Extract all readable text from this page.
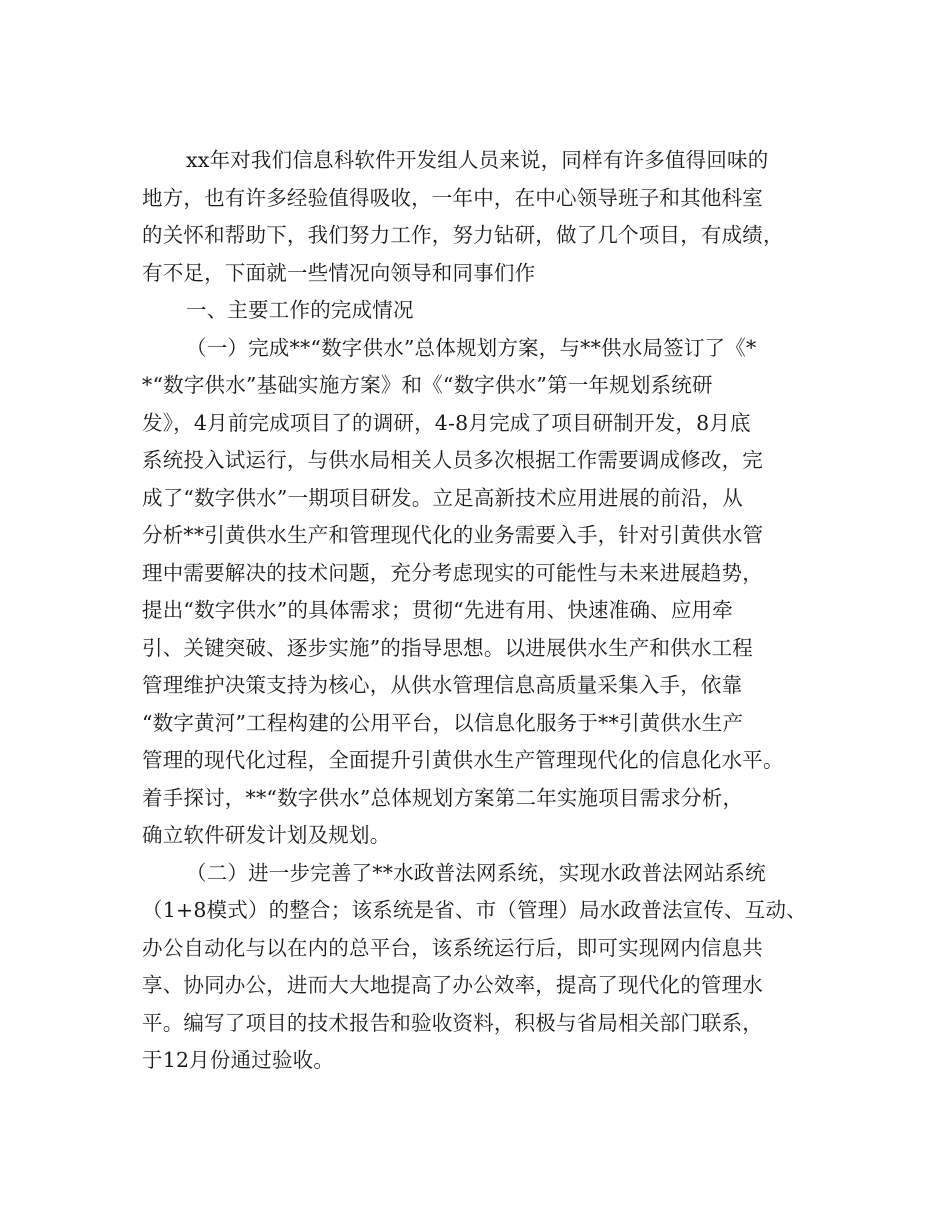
xx年对我们信息科软件开发组人员来说，同样有许多值得回味的
地方，也有许多经验值得吸收，一年中，在中心领导班子和其他科室
的关怀和帮助下，我们努力工作，努力钻研，做了几个项目，有成绩，
有不足，下面就一些情况向领导和同事们作
一、主要工作的完成情况
（一）完成**“数字供水”总体规划方案，与**供水局签订了《*
*“数字供水”基础实施方案》和《“数字供水”第一年规划系统研
发》，4月前完成项目了的调研，4-8月完成了项目研制开发，8月底
系统投入试运行，与供水局相关人员多次根据工作需要调成修改，完
成了“数字供水”一期项目研发。立足高新技术应用进展的前沿，从
分析**引黄供水生产和管理现代化的业务需要入手，针对引黄供水管
理中需要解决的技术问题，充分考虑现实的可能性与未来进展趋势，
提出“数字供水”的具体需求；贯彻“先进有用、快速准确、应用牵
引、关键突破、逐步实施”的指导思想。以进展供水生产和供水工程
管理维护决策支持为核心，从供水管理信息高质量采集入手，依靠
“数字黄河”工程构建的公用平台，以信息化服务于**引黄供水生产
管理的现代化过程，全面提升引黄供水生产管理现代化的信息化水平。
着手探讨，**“数字供水”总体规划方案第二年实施项目需求分析，
确立软件研发计划及规划。
（二）进一步完善了**水政普法网系统，实现水政普法网站系统
（1+8模式）的整合；该系统是省、市（管理）局水政普法宣传、互动、
办公自动化与以在内的总平台，该系统运行后，即可实现网内信息共
享、协同办公，进而大大地提高了办公效率，提高了现代化的管理水
平。编写了项目的技术报告和验收资料，积极与省局相关部门联系，
于12月份通过验收。
